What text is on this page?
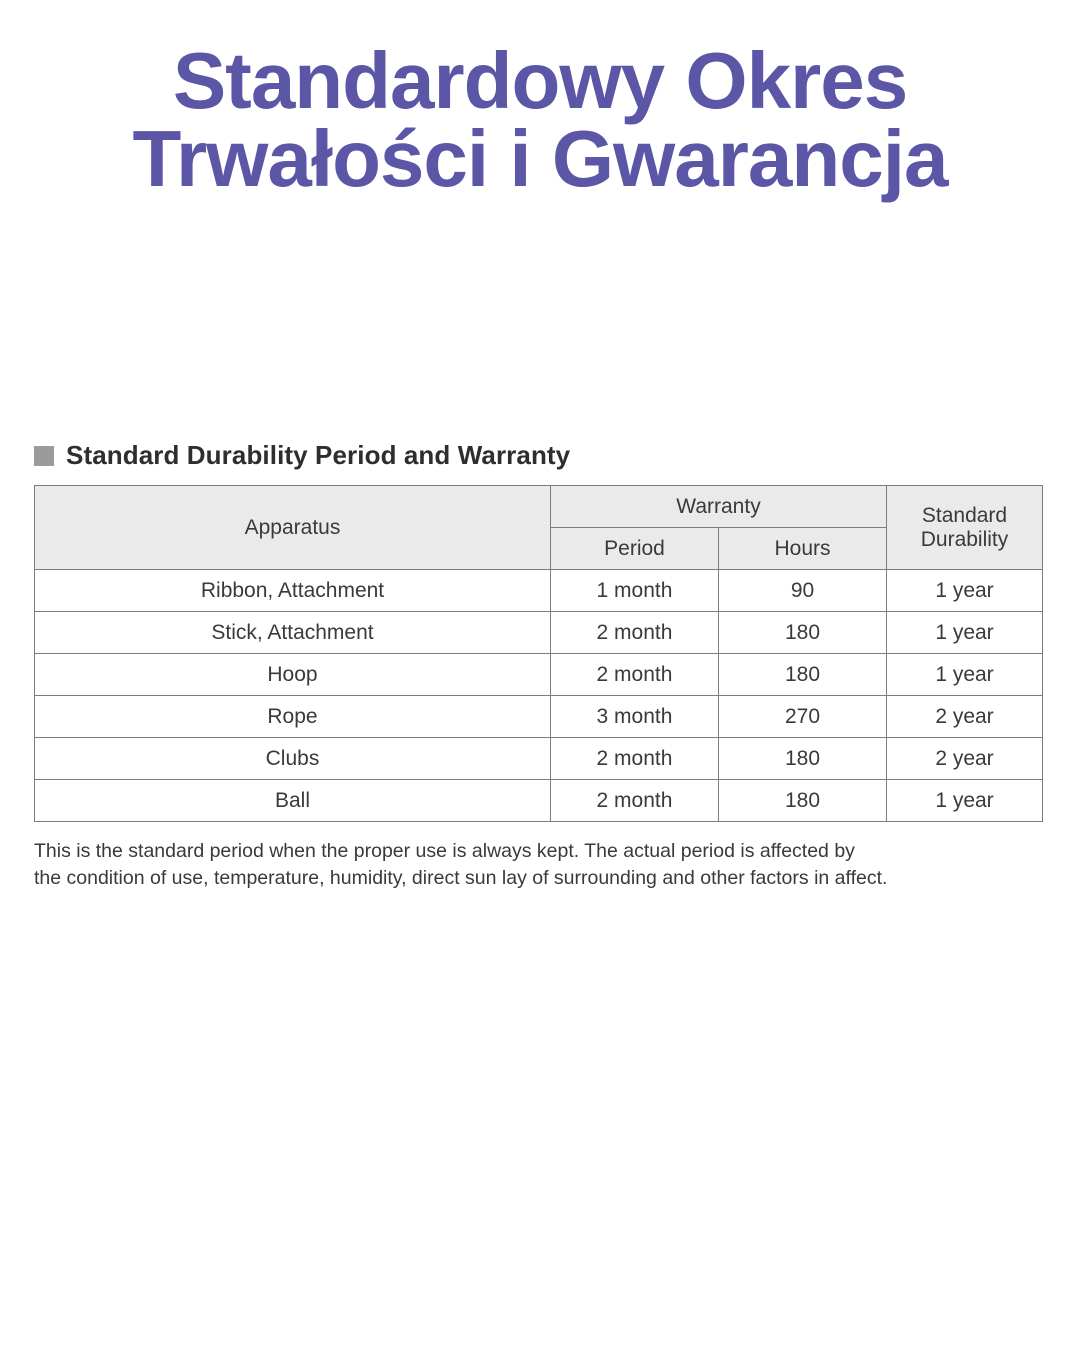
Standardowy Okres
Trwałości i Gwarancja
Standard Durability Period and Warranty
Apparatus	Warranty		Standard
Durability

	Period	Hours	
Ribbon, Attachment	1 month	90	1 year
Stick, Attachment	2 month	180	1 year
Hoop	2 month	180	1 year
Rope	3 month	270	2 year
Clubs	2 month	180	2 year
Ball	2 month	180	1 year
This is the standard period when the proper use is always kept. The actual period is affected by
the condition of use, temperature, humidity, direct sun lay of surrounding and other factors in affect.
